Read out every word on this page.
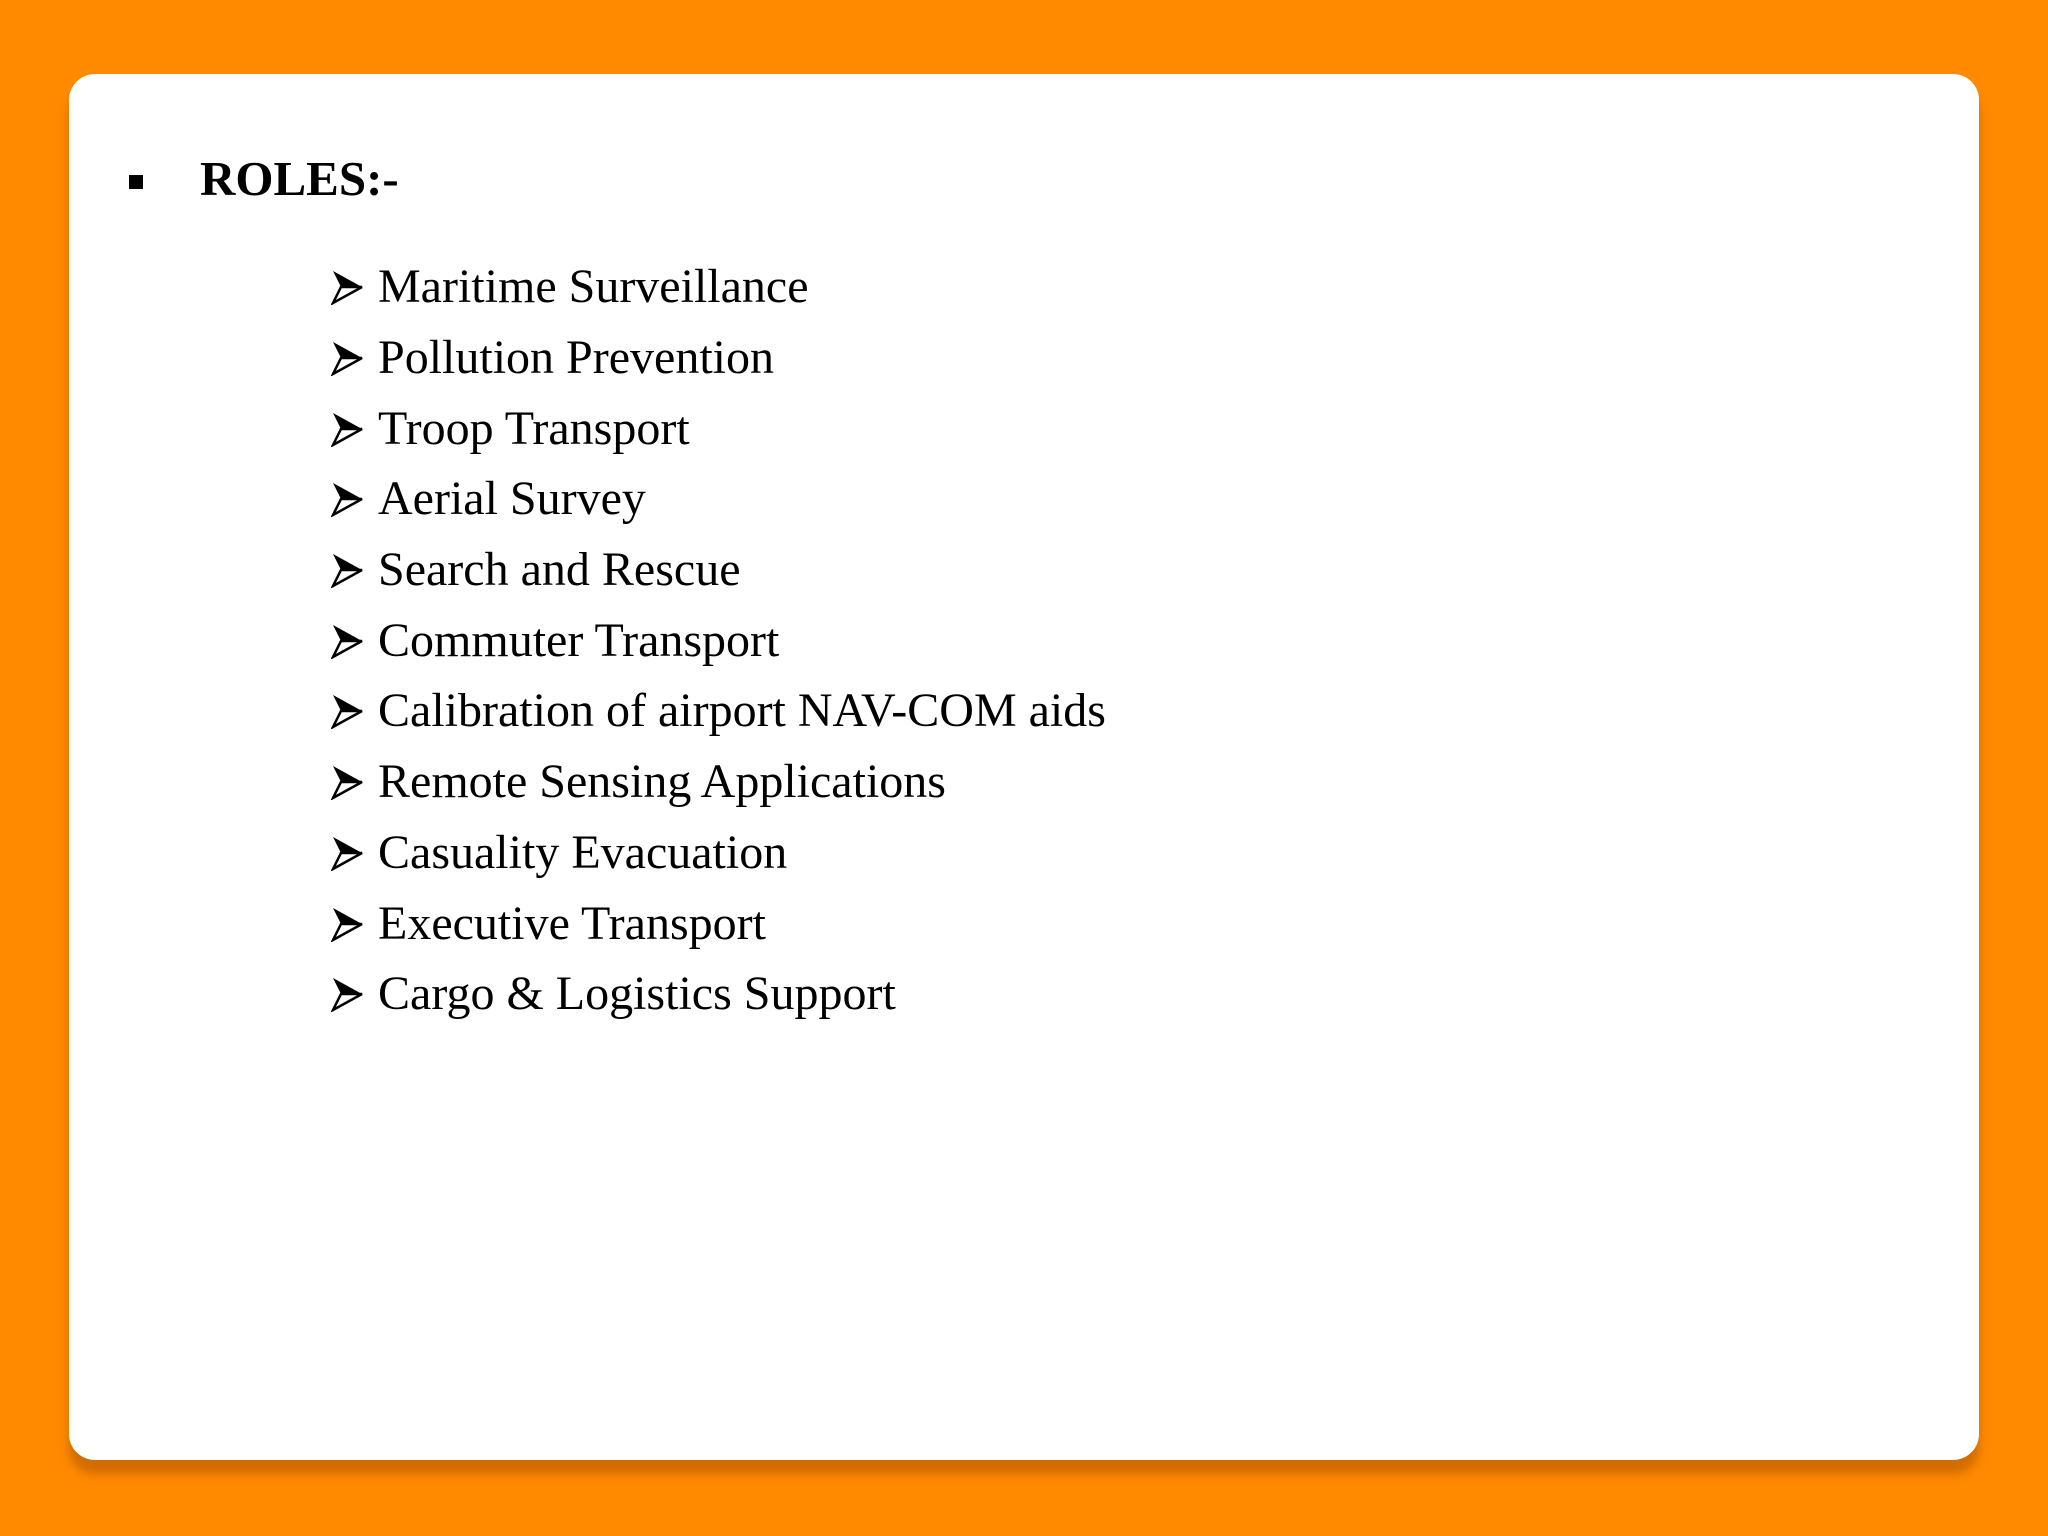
ROLES:-
Maritime Surveillance
Pollution Prevention
Troop Transport
Aerial Survey
Search and Rescue
Commuter Transport
Calibration of airport NAV-COM aids
Remote Sensing Applications
Casuality Evacuation
Executive Transport
Cargo & Logistics Support
